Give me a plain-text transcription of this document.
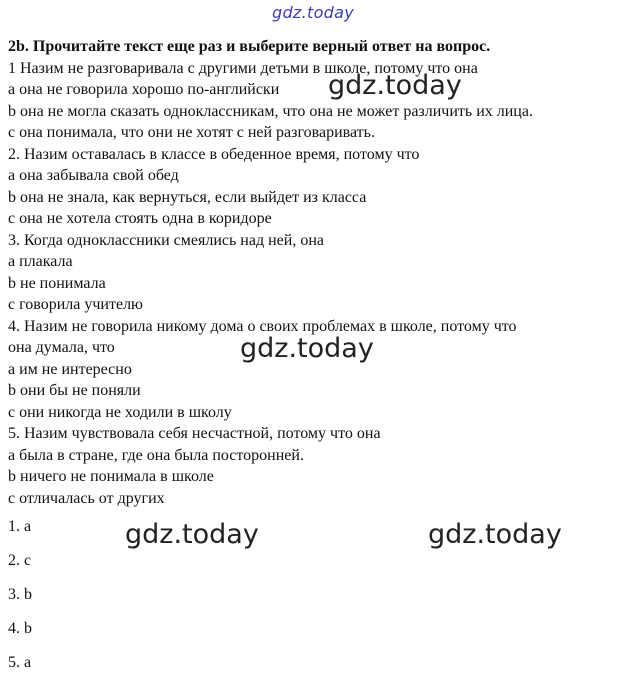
gdz.today

2b. Прочитайте текст еще раз и выберите верный ответ на вопрос.

1 Назим не разговаривала с другими детьми в школе, потому что она
а она не говорила хорошо по-английски
b она не могла сказать одноклассникам, что она не может различить их лица.
с она понимала, что они не хотят с ней разговаривать.
2. Назим оставалась в классе в обеденное время, потому что
а она забывала свой обед
b она не знала, как вернуться, если выйдет из класса
с она не хотела стоять одна в коридоре
3. Когда одноклассники смеялись над ней, она
а плакала
b не понимала
с говорила учителю
4. Назим не говорила никому дома о своих проблемах в школе, потому что
она думала, что
а им не интересно
b они бы не поняли
с они никогда не ходили в школу
5. Назим чувствовала себя несчастной, потому что она
а была в стране, где она была посторонней.
b ничего не понимала в школе
с отличалась от других
1. a
2. c
3. b
4. b
5. a
gdz.today
gdz.today
gdz.today	gdz.today
